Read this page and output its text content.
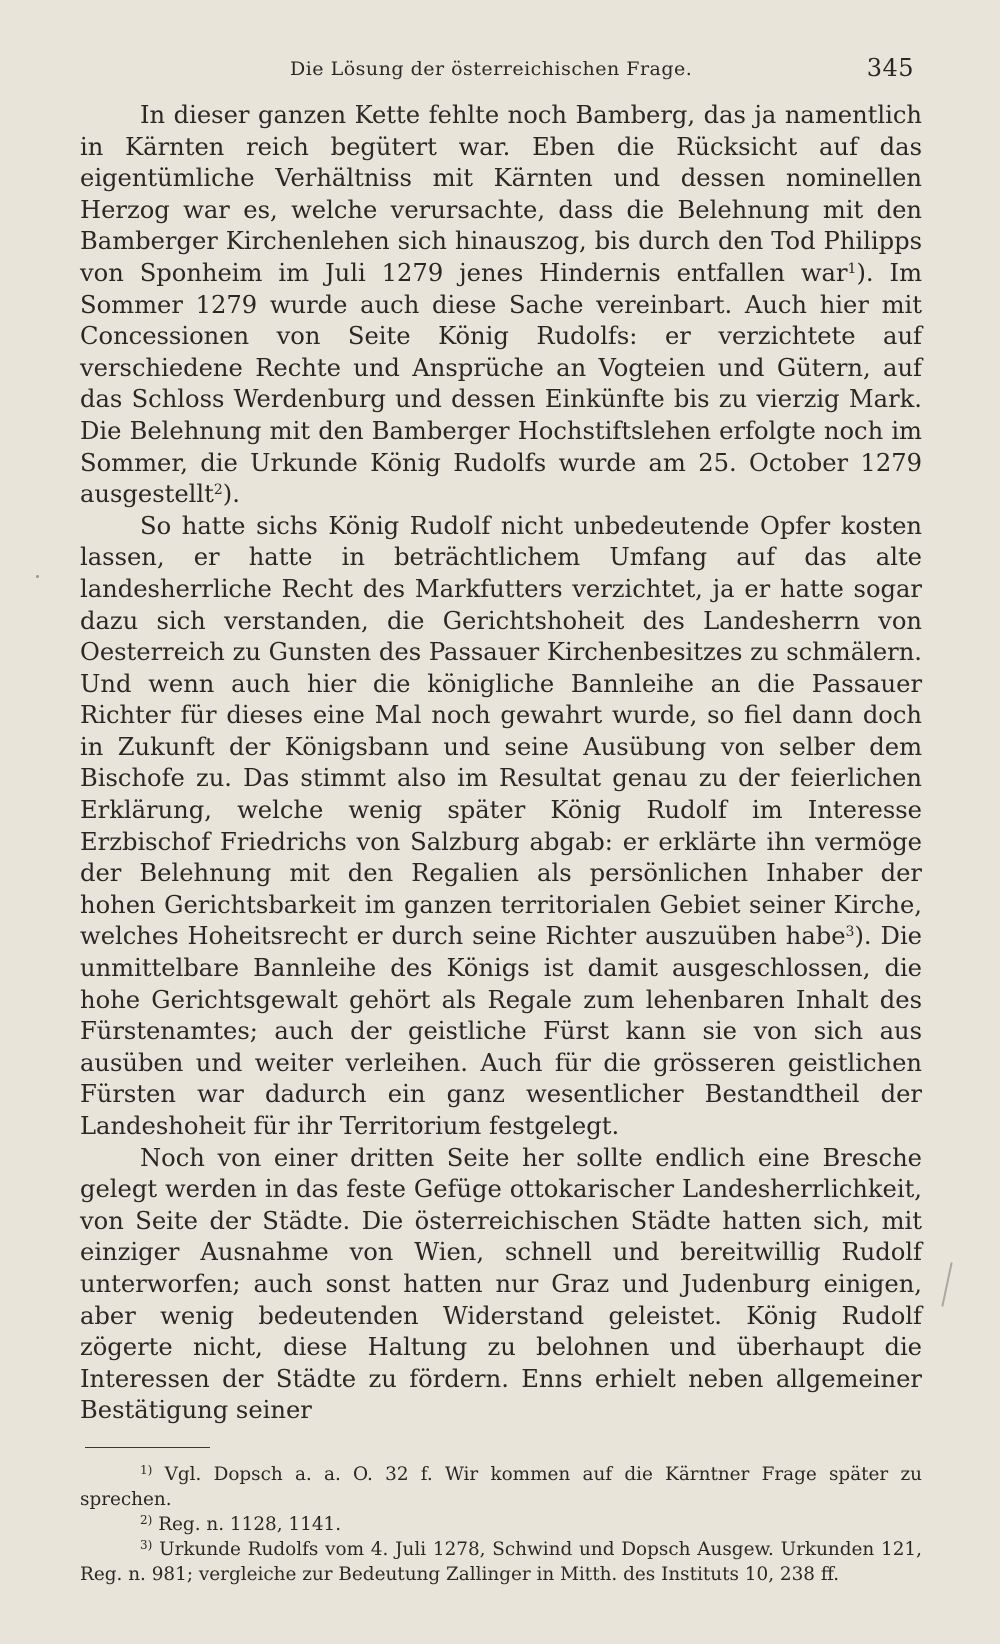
Die Lösung der österreichischen Frage.	345

In dieser ganzen Kette fehlte noch Bamberg, das ja namentlich in Kärnten reich begütert war. Eben die Rücksicht auf das eigentümliche Verhältniss mit Kärnten und dessen nominellen Herzog war es, welche verursachte, dass die Belehnung mit den Bamberger Kirchenlehen sich hinauszog, bis durch den Tod Philipps von Sponheim im Juli 1279 jenes Hindernis entfallen war$^1$). Im Sommer 1279 wurde auch diese Sache vereinbart. Auch hier mit Concessionen von Seite König Rudolfs: er verzichtete auf verschiedene Rechte und Ansprüche an Vogteien und Gütern, auf das Schloss Werdenburg und dessen Einkünfte bis zu vierzig Mark. Die Belehnung mit den Bamberger Hochstiftslehen erfolgte noch im Sommer, die Urkunde König Rudolfs wurde am 25. October 1279 ausgestellt$^2$).

So hatte sichs König Rudolf nicht unbedeutende Opfer kosten lassen, er hatte in beträchtlichem Umfang auf das alte landesherrliche Recht des Markfutters verzichtet, ja er hatte sogar dazu sich verstanden, die Gerichtshoheit des Landesherrn von Oesterreich zu Gunsten des Passauer Kirchenbesitzes zu schmälern. Und wenn auch hier die königliche Bannleihe an die Passauer Richter für dieses eine Mal noch gewahrt wurde, so fiel dann doch in Zukunft der Königsbann und seine Ausübung von selber dem Bischofe zu. Das stimmt also im Resultat genau zu der feierlichen Erklärung, welche wenig später König Rudolf im Interesse Erzbischof Friedrichs von Salzburg abgab: er erklärte ihn vermöge der Belehnung mit den Regalien als persönlichen Inhaber der hohen Gerichtsbarkeit im ganzen territorialen Gebiet seiner Kirche, welches Hoheitsrecht er durch seine Richter auszuüben habe$^3$). Die unmittelbare Bannleihe des Königs ist damit ausgeschlossen, die hohe Gerichtsgewalt gehört als Regale zum lehenbaren Inhalt des Fürstenamtes; auch der geistliche Fürst kann sie von sich aus ausüben und weiter verleihen. Auch für die grösseren geistlichen Fürsten war dadurch ein ganz wesentlicher Bestandtheil der Landeshoheit für ihr Territorium festgelegt.

Noch von einer dritten Seite her sollte endlich eine Bresche gelegt werden in das feste Gefüge ottokarischer Landesherrlichkeit, von Seite der Städte. Die österreichischen Städte hatten sich, mit einziger Ausnahme von Wien, schnell und bereitwillig Rudolf unterworfen; auch sonst hatten nur Graz und Judenburg einigen, aber wenig bedeutenden Widerstand geleistet. König Rudolf zögerte nicht, diese Haltung zu belohnen und überhaupt die Interessen der Städte zu fördern. Enns erhielt neben allgemeiner Bestätigung seiner

$^{1)}$ Vgl. Dopsch a. a. O. 32 f. Wir kommen auf die Kärntner Frage später zu sprechen.

$^{2)}$ Reg. n. 1128, 1141.

$^{3)}$ Urkunde Rudolfs vom 4. Juli 1278, Schwind und Dopsch Ausgew. Urkunden 121, Reg. n. 981; vergleiche zur Bedeutung Zallinger in Mitth. des Instituts 10, 238 ff.
